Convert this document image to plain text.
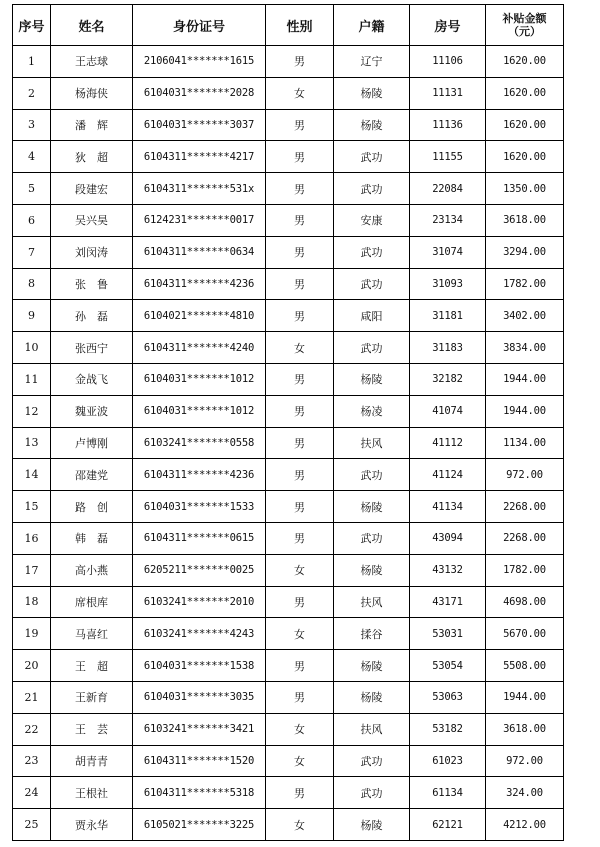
序号	姓名	身份证号	性别	户籍	房号	补贴金额
（元）

1	王志球	2106041*******1615	男	辽宁	11106	1620.00
2	杨海侠	6104031*******2028	女	杨陵	11131	1620.00
3	潘　辉	6104031*******3037	男	杨陵	11136	1620.00
4	狄　超	6104311*******4217	男	武功	11155	1620.00
5	段建宏	6104311*******531x	男	武功	22084	1350.00
6	吴兴昊	6124231*******0017	男	安康	23134	3618.00
7	刘闵涛	6104311*******0634	男	武功	31074	3294.00
8	张　鲁	6104311*******4236	男	武功	31093	1782.00
9	孙　磊	6104021*******4810	男	咸阳	31181	3402.00
10	张西宁	6104311*******4240	女	武功	31183	3834.00
11	金战飞	6104031*******1012	男	杨陵	32182	1944.00
12	魏亚波	6104031*******1012	男	杨凌	41074	1944.00
13	卢博刚	6103241*******0558	男	扶风	41112	1134.00
14	邵建党	6104311*******4236	男	武功	41124	972.00
15	路　创	6104031*******1533	男	杨陵	41134	2268.00
16	韩　磊	6104311*******0615	男	武功	43094	2268.00
17	高小燕	6205211*******0025	女	杨陵	43132	1782.00
18	席根库	6103241*******2010	男	扶风	43171	4698.00
19	马喜红	6103241*******4243	女	揉谷	53031	5670.00
20	王　超	6104031*******1538	男	杨陵	53054	5508.00
21	王新育	6104031*******3035	男	杨陵	53063	1944.00
22	王　芸	6103241*******3421	女	扶风	53182	3618.00
23	胡青青	6104311*******1520	女	武功	61023	972.00
24	王根社	6104311*******5318	男	武功	61134	324.00
25	贾永华	6105021*******3225	女	杨陵	62121	4212.00
